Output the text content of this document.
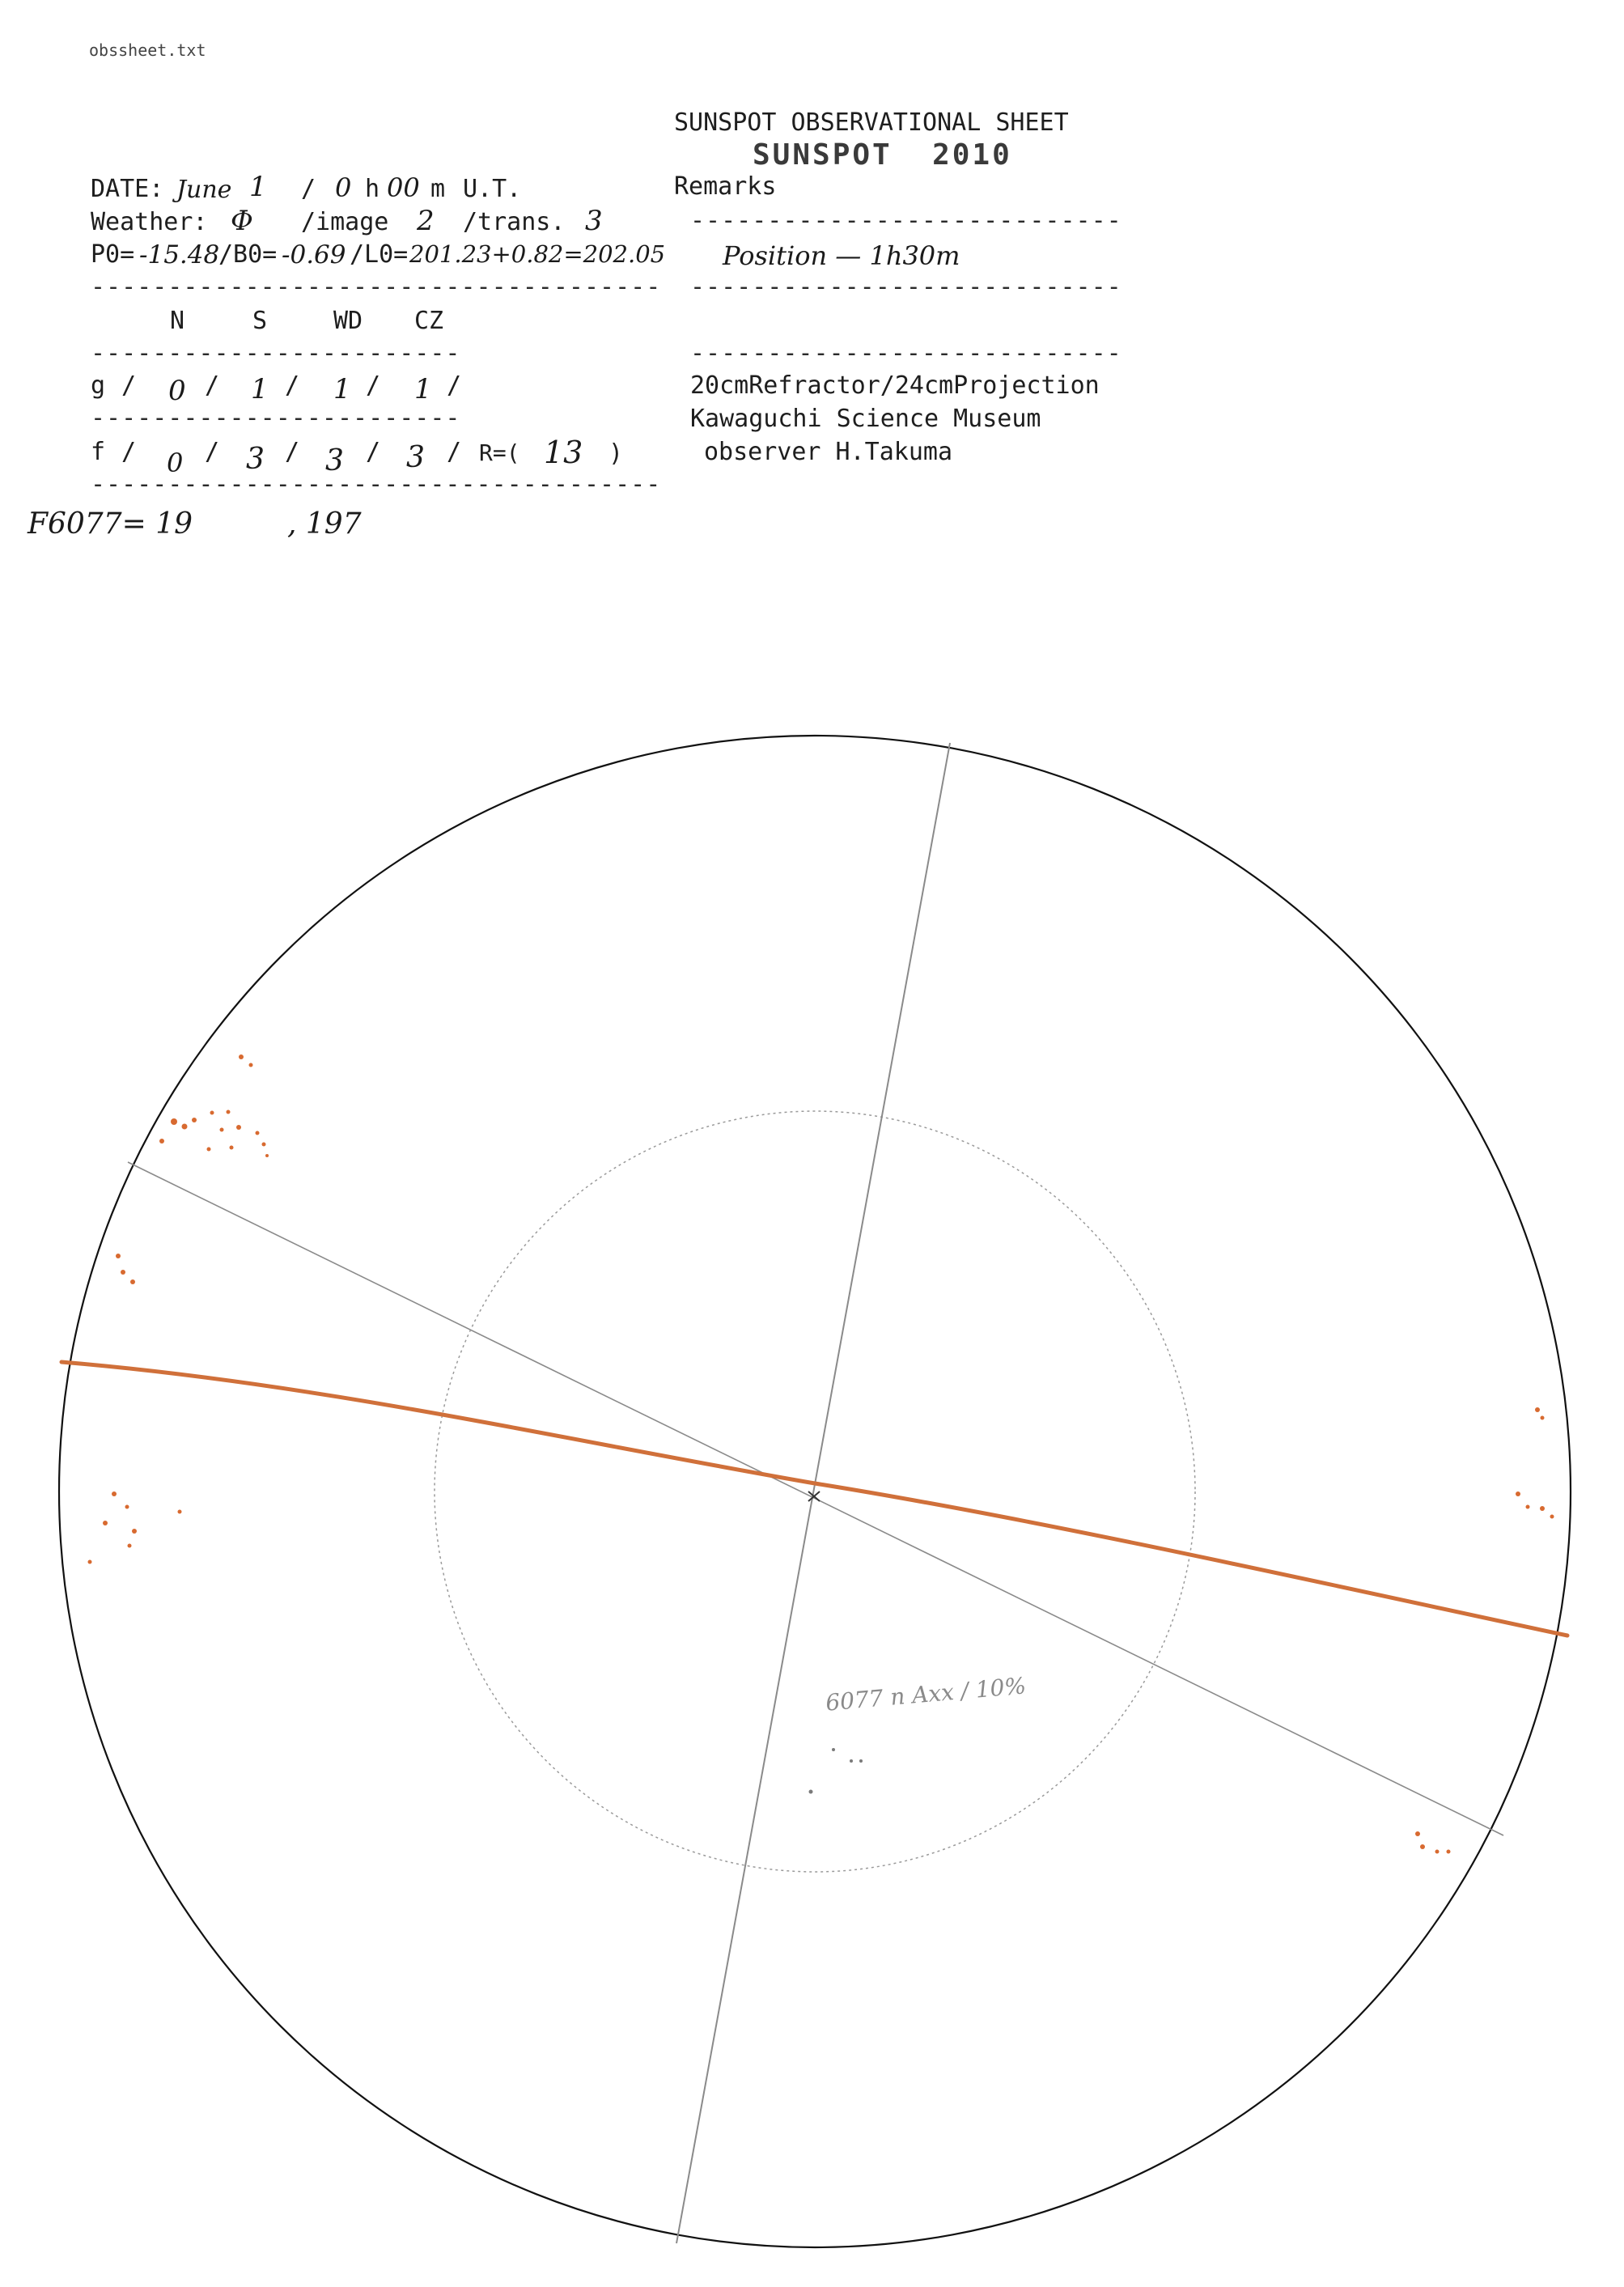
obssheet.txt
SUNSPOT OBSERVATIONAL SHEET
SUNSPOT  2010
Remarks
----------------------------
Position — 1h30m
----------------------------
----------------------------
20cmRefractor/24cmProjection
Kawaguchi Science Museum
observer H.Takuma
DATE: June 1 / 0 h 00 m U.T.
Weather: Φ /image 2 /trans. 3
P0= -15.48
/B0= -0.69 /L0= 201.23+0.82=202.05
-------------------------------------
N	S	WD CZ
------------------------
g / 0 / 1 / 1 / 1 /
------------------------
f / 0 / 3 / 3 / 3 / R=( 13 )
-------------------------------------
F6077= 19	, 197
6077 n Axx / 10%
